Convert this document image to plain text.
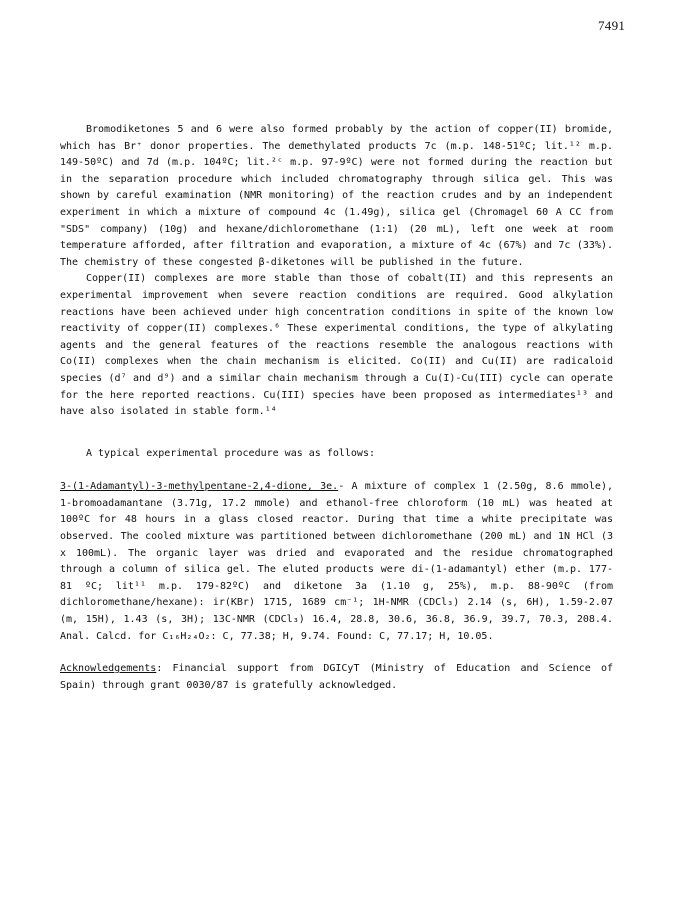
7491

Bromodiketones 5 and 6 were also formed probably by the action of copper(II) bromide, which has Br⁺ donor properties. The demethylated products 7c (m.p. 148-51ºC; lit.¹² m.p. 149-50ºC) and 7d (m.p. 104ºC; lit.²ᶜ m.p. 97-9ºC) were not formed during the reaction but in the separation procedure which included chromatography through silica gel. This was shown by careful examination (NMR monitoring) of the reaction crudes and by an independent experiment in which a mixture of compound 4c (1.49g), silica gel (Chromagel 60 A CC from "SDS" company) (10g) and hexane/dichloromethane (1:1) (20 mL), left one week at room temperature afforded, after filtration and evaporation, a mixture of 4c (67%) and 7c (33%). The chemistry of these congested β-diketones will be published in the future.

Copper(II) complexes are more stable than those of cobalt(II) and this represents an experimental improvement when severe reaction conditions are required. Good alkylation reactions have been achieved under high concentration conditions in spite of the known low reactivity of copper(II) complexes.⁶ These experimental conditions, the type of alkylating agents and the general features of the reactions resemble the analogous reactions with Co(II) complexes when the chain mechanism is elicited. Co(II) and Cu(II) are radicaloid species (d⁷ and d⁹) and a similar chain mechanism through a Cu(I)-Cu(III) cycle can operate for the here reported reactions. Cu(III) species have been proposed as intermediates¹³ and have also isolated in stable form.¹⁴

A typical experimental procedure was as follows:

3-(1-Adamantyl)-3-methylpentane-2,4-dione, 3e.- A mixture of complex 1 (2.50g, 8.6 mmole), 1-bromoadamantane (3.71g, 17.2 mmole) and ethanol-free chloroform (10 mL) was heated at 100ºC for 48 hours in a glass closed reactor. During that time a white precipitate was observed. The cooled mixture was partitioned between dichloromethane (200 mL) and 1N HCl (3 x 100mL). The organic layer was dried and evaporated and the residue chromatographed through a column of silica gel. The eluted products were di-(1-adamantyl) ether (m.p. 177-81 ºC; lit¹¹ m.p. 179-82ºC) and diketone 3a (1.10 g, 25%), m.p. 88-90ºC (from dichloromethane/hexane): ir(KBr) 1715, 1689 cm⁻¹; 1H-NMR (CDCl₃) 2.14 (s, 6H), 1.59-2.07 (m, 15H), 1.43 (s, 3H); 13C-NMR (CDCl₃) 16.4, 28.8, 30.6, 36.8, 36.9, 39.7, 70.3, 208.4. Anal. Calcd. for C₁₆H₂₄O₂: C, 77.38; H, 9.74. Found: C, 77.17; H, 10.05.

Acknowledgements: Financial support from DGICyT (Ministry of Education and Science of Spain) through grant 0030/87 is gratefully acknowledged.
